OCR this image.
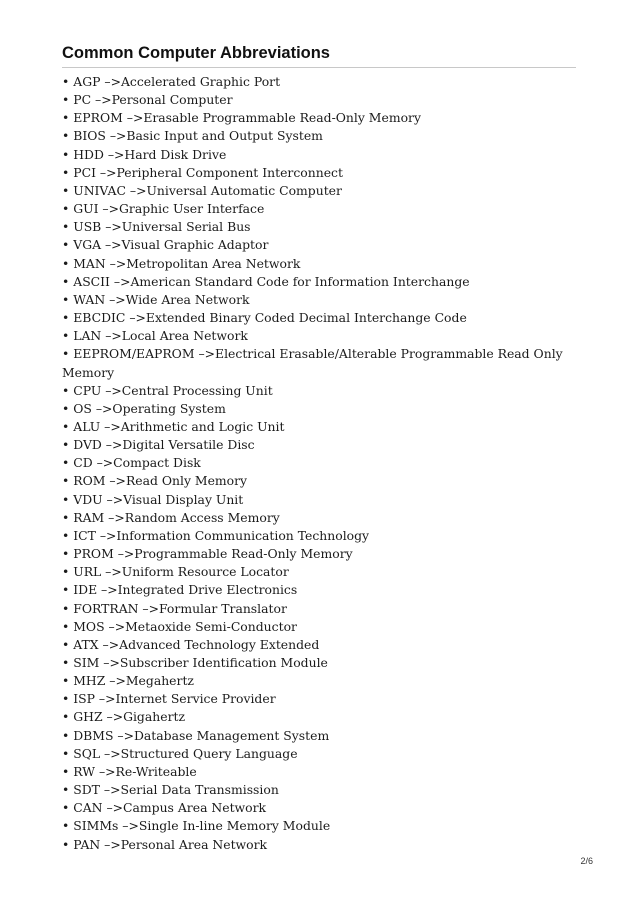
Common Computer Abbreviations
• AGP –>Accelerated Graphic Port
• PC –>Personal Computer
• EPROM –>Erasable Programmable Read-Only Memory
• BIOS –>Basic Input and Output System
• HDD –>Hard Disk Drive
• PCI –>Peripheral Component Interconnect
• UNIVAC –>Universal Automatic Computer
• GUI –>Graphic User Interface
• USB –>Universal Serial Bus
• VGA –>Visual Graphic Adaptor
• MAN –>Metropolitan Area Network
• ASCII –>American Standard Code for Information Interchange
• WAN –>Wide Area Network
• EBCDIC –>Extended Binary Coded Decimal Interchange Code
• LAN –>Local Area Network
• EEPROM/EAPROM –>Electrical Erasable/Alterable Programmable Read Only Memory
• CPU –>Central Processing Unit
• OS –>Operating System
• ALU –>Arithmetic and Logic Unit
• DVD –>Digital Versatile Disc
• CD –>Compact Disk
• ROM –>Read Only Memory
• VDU –>Visual Display Unit
• RAM –>Random Access Memory
• ICT –>Information Communication Technology
• PROM –>Programmable Read-Only Memory
• URL –>Uniform Resource Locator
• IDE –>Integrated Drive Electronics
• FORTRAN –>Formular Translator
• MOS –>Metaoxide Semi-Conductor
• ATX –>Advanced Technology Extended
• SIM –>Subscriber Identification Module
• MHZ –>Megahertz
• ISP –>Internet Service Provider
• GHZ –>Gigahertz
• DBMS –>Database Management System
• SQL –>Structured Query Language
• RW –>Re-Writeable
• SDT –>Serial Data Transmission
• CAN –>Campus Area Network
• SIMMs –>Single In-line Memory Module
• PAN –>Personal Area Network
2/6
